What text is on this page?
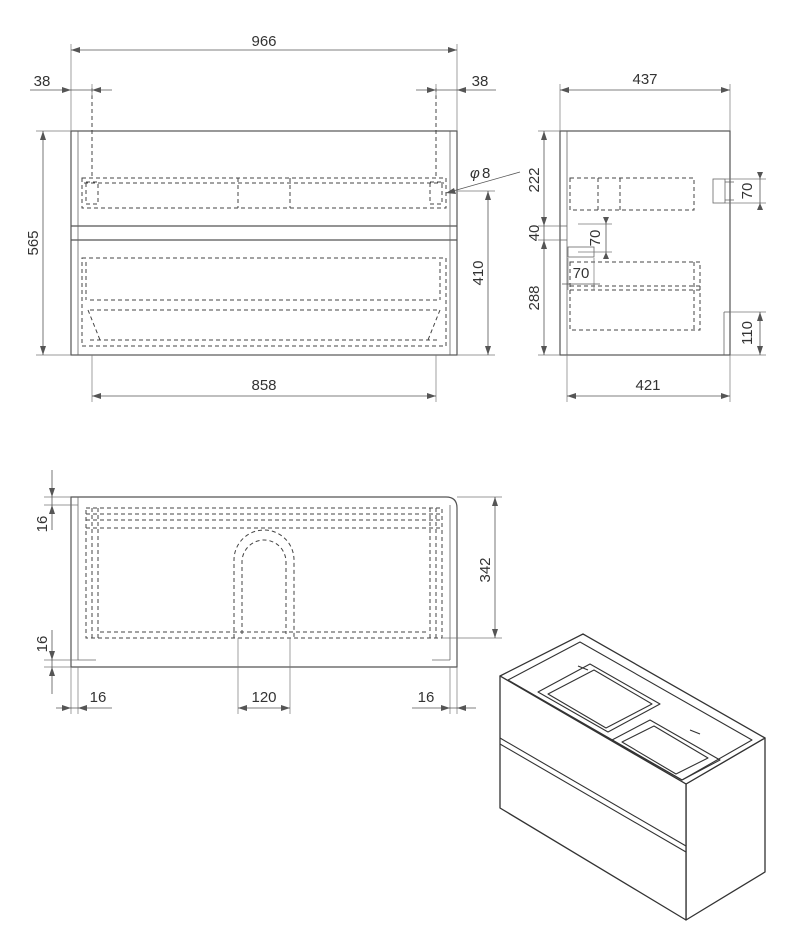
966
38	38
565
φ 8
410
858
437
222
40
288
70
70
70
110
421
342
16
16
16	120	16
